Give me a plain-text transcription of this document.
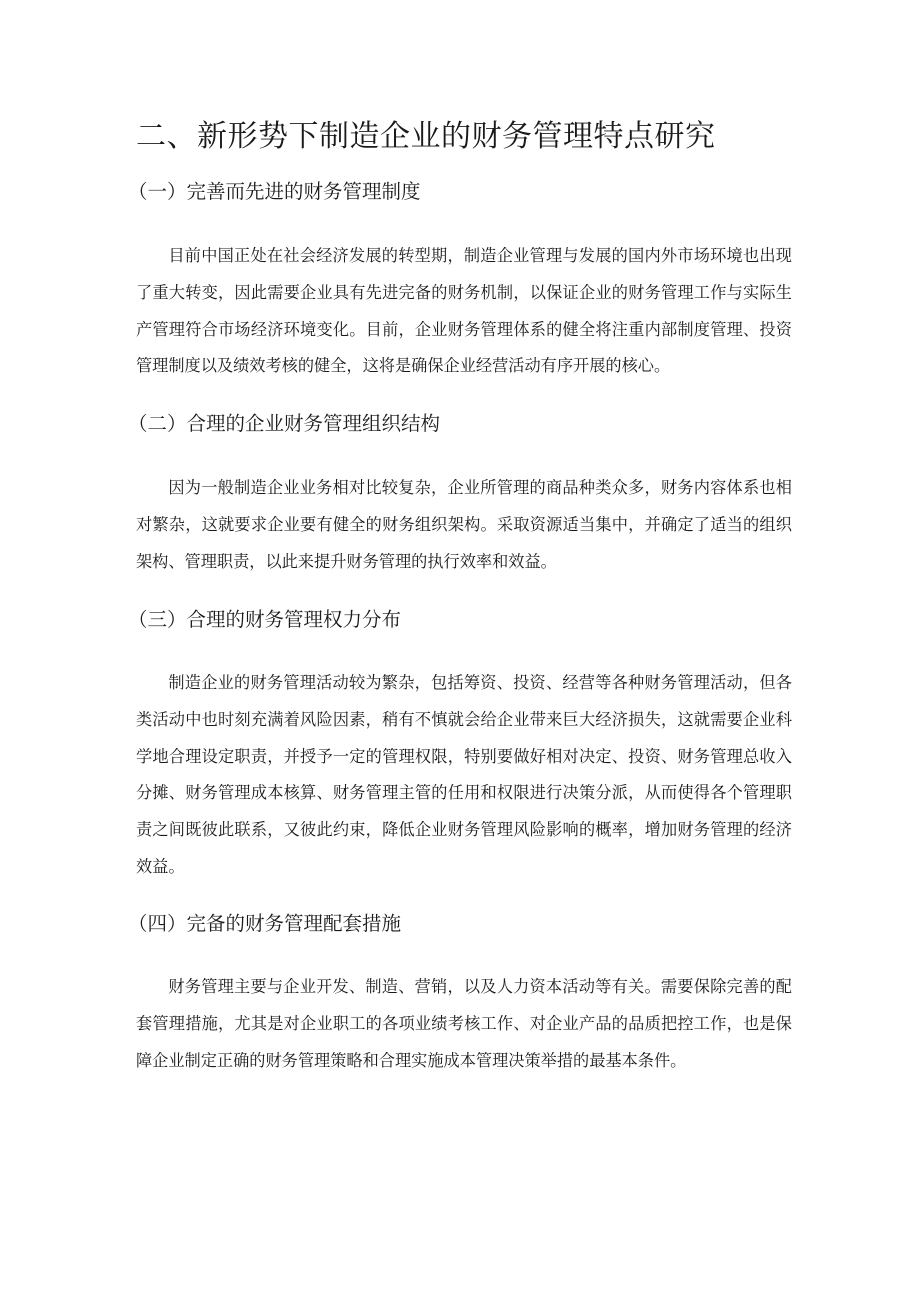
二、新形势下制造企业的财务管理特点研究
（一）完善而先进的财务管理制度

目前中国正处在社会经济发展的转型期，制造企业管理与发展的国内外市场环境也出现了重大转变，因此需要企业具有先进完备的财务机制，以保证企业的财务管理工作与实际生产管理符合市场经济环境变化。目前，企业财务管理体系的健全将注重内部制度管理、投资管理制度以及绩效考核的健全，这将是确保企业经营活动有序开展的核心。

（二）合理的企业财务管理组织结构

因为一般制造企业业务相对比较复杂，企业所管理的商品种类众多，财务内容体系也相对繁杂，这就要求企业要有健全的财务组织架构。采取资源适当集中，并确定了适当的组织架构、管理职责，以此来提升财务管理的执行效率和效益。

（三）合理的财务管理权力分布

制造企业的财务管理活动较为繁杂，包括筹资、投资、经营等各种财务管理活动，但各类活动中也时刻充满着风险因素，稍有不慎就会给企业带来巨大经济损失，这就需要企业科学地合理设定职责，并授予一定的管理权限，特别要做好相对决定、投资、财务管理总收入分摊、财务管理成本核算、财务管理主管的任用和权限进行决策分派，从而使得各个管理职责之间既彼此联系，又彼此约束，降低企业财务管理风险影响的概率，增加财务管理的经济效益。

（四）完备的财务管理配套措施

财务管理主要与企业开发、制造、营销，以及人力资本活动等有关。需要保除完善的配套管理措施，尤其是对企业职工的各项业绩考核工作、对企业产品的品质把控工作，也是保障企业制定正确的财务管理策略和合理实施成本管理决策举措的最基本条件。
